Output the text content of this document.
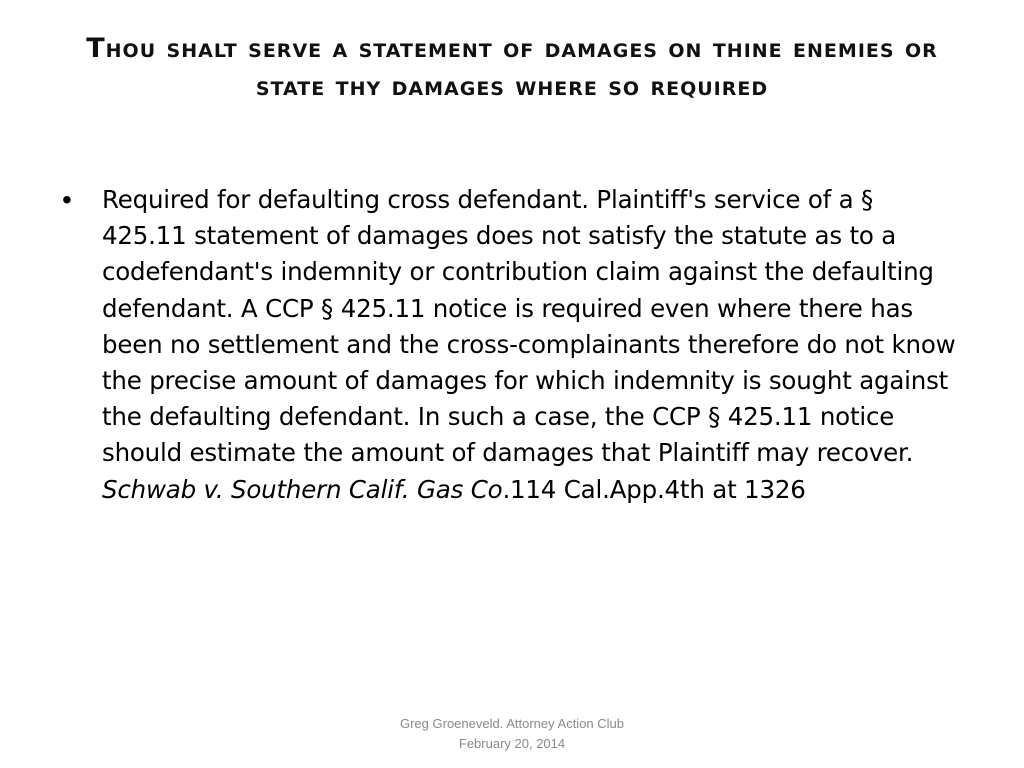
Thou shalt serve a statement of damages on thine enemies or state thy damages where so required
•	Required for defaulting cross defendant. Plaintiff's service of a § 425.11 statement of damages does not satisfy the statute as to a codefendant's indemnity or contribution claim against the defaulting defendant. A CCP § 425.11 notice is required even where there has been no settlement and the cross-complainants therefore do not know the precise amount of damages for which indemnity is sought against the defaulting defendant. In such a case, the CCP § 425.11 notice should estimate the amount of damages that Plaintiff may recover. Schwab v. Southern Calif. Gas Co.114 Cal.App.4th at 1326
Greg Groeneveld. Attorney Action Club
February 20, 2014
